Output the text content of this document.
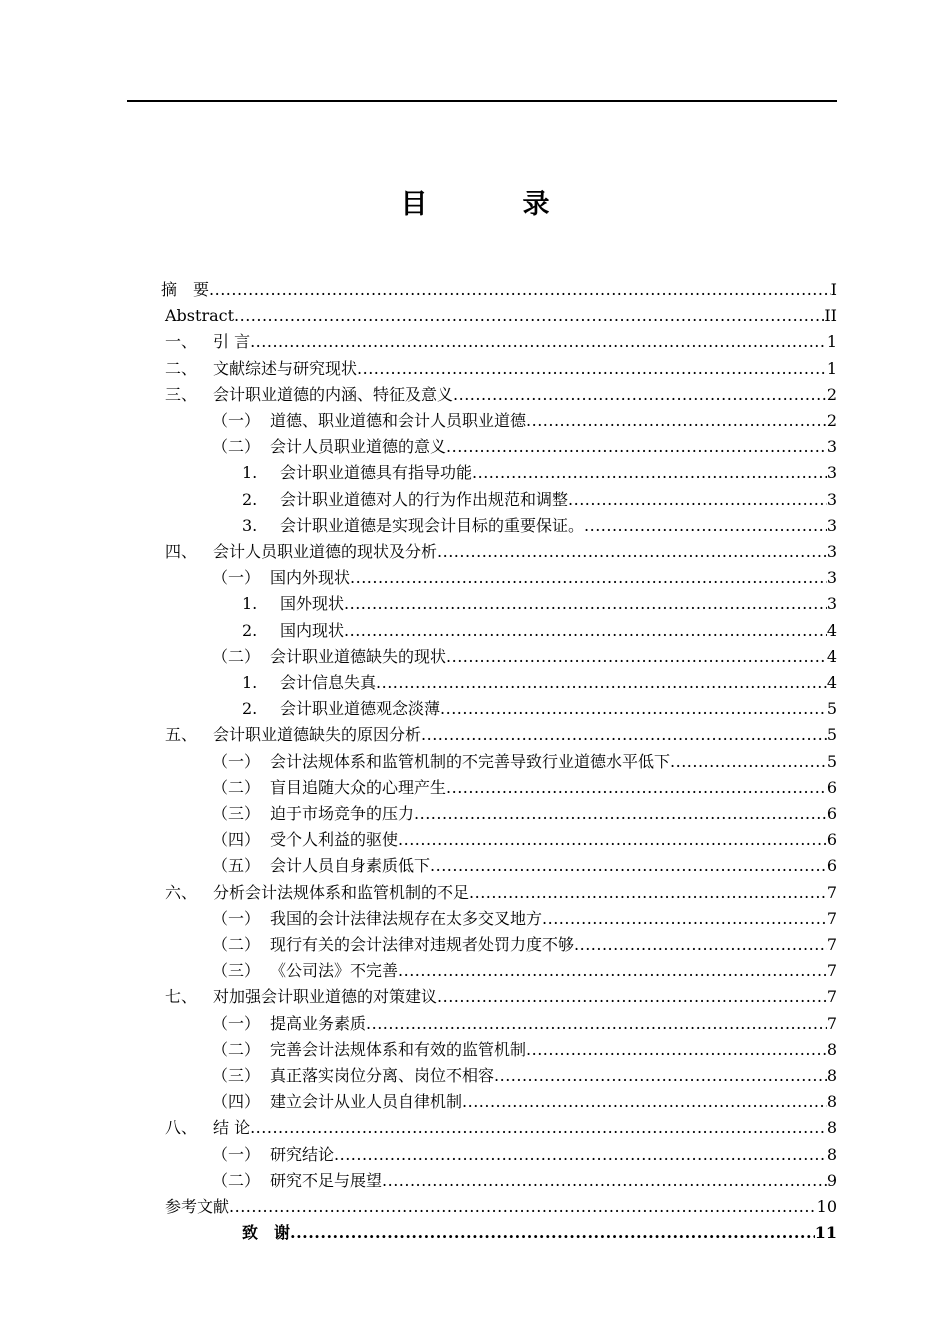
目　录
摘　要 .....	I
Abstract .....	II
一、 引 言 .....	1
二、 文献综述与研究现状 .....	1
三、 会计职业道德的内涵、特征及意义 .....	2
（一） 道德、职业道德和会计人员职业道德 .....	2
（二） 会计人员职业道德的意义 .....	3
1.	会计职业道德具有指导功能 .....	3
2.	会计职业道德对人的行为作出规范和调整 .....	3
3.	会计职业道德是实现会计目标的重要保证。 .....	3
四、 会计人员职业道德的现状及分析 .....	3
（一） 国内外现状 .....	3
1.	国外现状 .....	3
2.	国内现状 .....	4
（二） 会计职业道德缺失的现状 .....	4
1.	会计信息失真 .....	4
2.	会计职业道德观念淡薄 .....	5
五、 会计职业道德缺失的原因分析 .....	5
（一） 会计法规体系和监管机制的不完善导致行业道德水平低下 .....	5
（二） 盲目追随大众的心理产生 .....	6
（三） 迫于市场竞争的压力 .....	6
（四） 受个人利益的驱使 .....	6
（五） 会计人员自身素质低下 .....	6
六、 分析会计法规体系和监管机制的不足 .....	7
（一） 我国的会计法律法规存在太多交叉地方 .....	7
（二） 现行有关的会计法律对违规者处罚力度不够 .....	7
（三） 《公司法》不完善 .....	7
七、 对加强会计职业道德的对策建议 .....	7
（一） 提高业务素质 .....	7
（二） 完善会计法规体系和有效的监管机制 .....	8
（三） 真正落实岗位分离、岗位不相容 .....	8
（四） 建立会计从业人员自律机制 .....	8
八、 结 论 .....	8
（一） 研究结论 .....	8
（二） 研究不足与展望 .....	9
参考文献 .....	10
致　谢 .....	11
